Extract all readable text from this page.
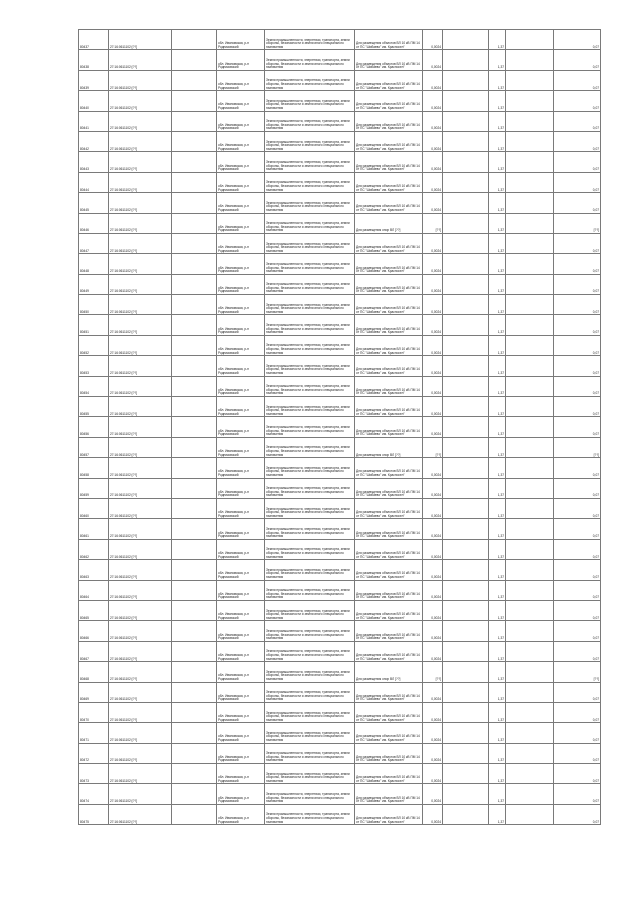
80437	27:16:0611102:[??]		обл. Ивановская, р-н Родниковский	Земли промышленности, энергетики, транспорта, земли обороны, безопасности и земли иного специального назначения	Для размещения объектов ВЛ 10 кВ ПМ 14 от ПС "Шибаево" им. Красносел"	0,0024		1,37		0,07
80438	27:16:0611102:[??]		обл. Ивановская, р-н Родниковский	Земли промышленности, энергетики, транспорта, земли обороны, безопасности и земли иного специального назначения	Для размещения объектов ВЛ 10 кВ ПМ 14 от ПС "Шибаево" им. Красносел"	0,0024		1,37		0,07
80439	27:16:0611102:[??]		обл. Ивановская, р-н Родниковский	Земли промышленности, энергетики, транспорта, земли обороны, безопасности и земли иного специального назначения	Для размещения объектов ВЛ 10 кВ ПМ 14 от ПС "Шибаево" им. Красносел"	0,0024		1,37		0,07
80440	27:16:0611102:[??]		обл. Ивановская, р-н Родниковский	Земли промышленности, энергетики, транспорта, земли обороны, безопасности и земли иного специального назначения	Для размещения объектов ВЛ 10 кВ ПМ 14 от ПС "Шибаево" им. Красносел"	0,0024		1,37		0,07
80441	27:16:0611102:[??]		обл. Ивановская, р-н Родниковский	Земли промышленности, энергетики, транспорта, земли обороны, безопасности и земли иного специального назначения	Для размещения объектов ВЛ 10 кВ ПМ 14 от ПС "Шибаево" им. Красносел"	0,0024		1,37		0,07
80442	27:16:0611102:[??]		обл. Ивановская, р-н Родниковский	Земли промышленности, энергетики, транспорта, земли обороны, безопасности и земли иного специального назначения	Для размещения объектов ВЛ 10 кВ ПМ 14 от ПС "Шибаево" им. Красносел"	0,0024		1,37		0,07
80443	27:16:0611102:[??]		обл. Ивановская, р-н Родниковский	Земли промышленности, энергетики, транспорта, земли обороны, безопасности и земли иного специального назначения	Для размещения объектов ВЛ 10 кВ ПМ 14 от ПС "Шибаево" им. Красносел"	0,0024		1,37		0,07
80444	27:16:0611102:[??]		обл. Ивановская, р-н Родниковский	Земли промышленности, энергетики, транспорта, земли обороны, безопасности и земли иного специального назначения	Для размещения объектов ВЛ 10 кВ ПМ 14 от ПС "Шибаево" им. Красносел"	0,0024		1,37		0,07
80445	27:16:0611102:[??]		обл. Ивановская, р-н Родниковский	Земли промышленности, энергетики, транспорта, земли обороны, безопасности и земли иного специального назначения	Для размещения объектов ВЛ 10 кВ ПМ 14 от ПС "Шибаево" им. Красносел"	0,0024		1,37		0,07
80446	27:16:0611102:[??]		обл. Ивановская, р-н Родниковский	Земли промышленности, энергетики, транспорта, земли обороны, безопасности и земли иного специального назначения	Для размещения опор ВЛ [??]	[??]		1,37		[??]
80447	27:16:0611102:[??]		обл. Ивановская, р-н Родниковский	Земли промышленности, энергетики, транспорта, земли обороны, безопасности и земли иного специального назначения	Для размещения объектов ВЛ 10 кВ ПМ 14 от ПС "Шибаево" им. Красносел"	0,0024		1,37		0,07
80448	27:16:0611102:[??]		обл. Ивановская, р-н Родниковский	Земли промышленности, энергетики, транспорта, земли обороны, безопасности и земли иного специального назначения	Для размещения объектов ВЛ 10 кВ ПМ 14 от ПС "Шибаево" им. Красносел"	0,0024		1,37		0,07
80449	27:16:0611102:[??]		обл. Ивановская, р-н Родниковский	Земли промышленности, энергетики, транспорта, земли обороны, безопасности и земли иного специального назначения	Для размещения объектов ВЛ 10 кВ ПМ 14 от ПС "Шибаево" им. Красносел"	0,0024		1,37		0,07
80450	27:16:0611102:[??]		обл. Ивановская, р-н Родниковский	Земли промышленности, энергетики, транспорта, земли обороны, безопасности и земли иного специального назначения	Для размещения объектов ВЛ 10 кВ ПМ 14 от ПС "Шибаево" им. Красносел"	0,0024		1,37		0,07
80451	27:16:0611102:[??]		обл. Ивановская, р-н Родниковский	Земли промышленности, энергетики, транспорта, земли обороны, безопасности и земли иного специального назначения	Для размещения объектов ВЛ 10 кВ ПМ 14 от ПС "Шибаево" им. Красносел"	0,0024		1,37		0,07
80452	27:16:0611102:[??]		обл. Ивановская, р-н Родниковский	Земли промышленности, энергетики, транспорта, земли обороны, безопасности и земли иного специального назначения	Для размещения объектов ВЛ 10 кВ ПМ 14 от ПС "Шибаево" им. Красносел"	0,0024		1,37		0,07
80453	27:16:0611102:[??]		обл. Ивановская, р-н Родниковский	Земли промышленности, энергетики, транспорта, земли обороны, безопасности и земли иного специального назначения	Для размещения объектов ВЛ 10 кВ ПМ 14 от ПС "Шибаево" им. Красносел"	0,0024		1,37		0,07
80454	27:16:0611102:[??]		обл. Ивановская, р-н Родниковский	Земли промышленности, энергетики, транспорта, земли обороны, безопасности и земли иного специального назначения	Для размещения объектов ВЛ 10 кВ ПМ 14 от ПС "Шибаево" им. Красносел"	0,0024		1,37		0,07
80455	27:16:0611102:[??]		обл. Ивановская, р-н Родниковский	Земли промышленности, энергетики, транспорта, земли обороны, безопасности и земли иного специального назначения	Для размещения объектов ВЛ 10 кВ ПМ 14 от ПС "Шибаево" им. Красносел"	0,0024		1,37		0,07
80456	27:16:0611102:[??]		обл. Ивановская, р-н Родниковский	Земли промышленности, энергетики, транспорта, земли обороны, безопасности и земли иного специального назначения	Для размещения объектов ВЛ 10 кВ ПМ 14 от ПС "Шибаево" им. Красносел"	0,0024		1,37		0,07
80457	27:16:0611102:[??]		обл. Ивановская, р-н Родниковский	Земли промышленности, энергетики, транспорта, земли обороны, безопасности и земли иного специального назначения	Для размещения опор ВЛ [??]	[??]		1,37		[??]
80458	27:16:0611102:[??]		обл. Ивановская, р-н Родниковский	Земли промышленности, энергетики, транспорта, земли обороны, безопасности и земли иного специального назначения	Для размещения объектов ВЛ 10 кВ ПМ 14 от ПС "Шибаево" им. Красносел"	0,0024		1,37		0,07
80459	27:16:0611102:[??]		обл. Ивановская, р-н Родниковский	Земли промышленности, энергетики, транспорта, земли обороны, безопасности и земли иного специального назначения	Для размещения объектов ВЛ 10 кВ ПМ 14 от ПС "Шибаево" им. Красносел"	0,0024		1,37		0,07
80460	27:16:0611102:[??]		обл. Ивановская, р-н Родниковский	Земли промышленности, энергетики, транспорта, земли обороны, безопасности и земли иного специального назначения	Для размещения объектов ВЛ 10 кВ ПМ 14 от ПС "Шибаево" им. Красносел"	0,0024		1,37		0,07
80461	27:16:0611102:[??]		обл. Ивановская, р-н Родниковский	Земли промышленности, энергетики, транспорта, земли обороны, безопасности и земли иного специального назначения	Для размещения объектов ВЛ 10 кВ ПМ 14 от ПС "Шибаево" им. Красносел"	0,0024		1,37		0,07
80462	27:16:0611102:[??]		обл. Ивановская, р-н Родниковский	Земли промышленности, энергетики, транспорта, земли обороны, безопасности и земли иного специального назначения	Для размещения объектов ВЛ 10 кВ ПМ 14 от ПС "Шибаево" им. Красносел"	0,0024		1,37		0,07
80463	27:16:0611102:[??]		обл. Ивановская, р-н Родниковский	Земли промышленности, энергетики, транспорта, земли обороны, безопасности и земли иного специального назначения	Для размещения объектов ВЛ 10 кВ ПМ 14 от ПС "Шибаево" им. Красносел"	0,0024		1,37		0,07
80464	27:16:0611102:[??]		обл. Ивановская, р-н Родниковский	Земли промышленности, энергетики, транспорта, земли обороны, безопасности и земли иного специального назначения	Для размещения объектов ВЛ 10 кВ ПМ 14 от ПС "Шибаево" им. Красносел"	0,0024		1,37		0,07
80465	27:16:0611102:[??]		обл. Ивановская, р-н Родниковский	Земли промышленности, энергетики, транспорта, земли обороны, безопасности и земли иного специального назначения	Для размещения объектов ВЛ 10 кВ ПМ 14 от ПС "Шибаево" им. Красносел"	0,0024		1,37		0,07
80466	27:16:0611102:[??]		обл. Ивановская, р-н Родниковский	Земли промышленности, энергетики, транспорта, земли обороны, безопасности и земли иного специального назначения	Для размещения объектов ВЛ 10 кВ ПМ 14 от ПС "Шибаево" им. Красносел"	0,0024		1,37		0,07
80467	27:16:0611102:[??]		обл. Ивановская, р-н Родниковский	Земли промышленности, энергетики, транспорта, земли обороны, безопасности и земли иного специального назначения	Для размещения объектов ВЛ 10 кВ ПМ 14 от ПС "Шибаево" им. Красносел"	0,0024		1,37		0,07
80468	27:16:0611102:[??]		обл. Ивановская, р-н Родниковский	Земли промышленности, энергетики, транспорта, земли обороны, безопасности и земли иного специального назначения	Для размещения опор ВЛ [??]	[??]		1,37		[??]
80469	27:16:0611102:[??]		обл. Ивановская, р-н Родниковский	Земли промышленности, энергетики, транспорта, земли обороны, безопасности и земли иного специального назначения	Для размещения объектов ВЛ 10 кВ ПМ 14 от ПС "Шибаево" им. Красносел"	0,0024		1,37		0,07
80470	27:16:0611102:[??]		обл. Ивановская, р-н Родниковский	Земли промышленности, энергетики, транспорта, земли обороны, безопасности и земли иного специального назначения	Для размещения объектов ВЛ 10 кВ ПМ 14 от ПС "Шибаево" им. Красносел"	0,0024		1,37		0,07
80471	27:16:0611102:[??]		обл. Ивановская, р-н Родниковский	Земли промышленности, энергетики, транспорта, земли обороны, безопасности и земли иного специального назначения	Для размещения объектов ВЛ 10 кВ ПМ 14 от ПС "Шибаево" им. Красносел"	0,0024		1,37		0,07
80472	27:16:0611102:[??]		обл. Ивановская, р-н Родниковский	Земли промышленности, энергетики, транспорта, земли обороны, безопасности и земли иного специального назначения	Для размещения объектов ВЛ 10 кВ ПМ 14 от ПС "Шибаево" им. Красносел"	0,0024		1,37		0,07
80473	27:16:0611102:[??]		обл. Ивановская, р-н Родниковский	Земли промышленности, энергетики, транспорта, земли обороны, безопасности и земли иного специального назначения	Для размещения объектов ВЛ 10 кВ ПМ 14 от ПС "Шибаево" им. Красносел"	0,0024		1,37		0,07
80474	27:16:0611102:[??]		обл. Ивановская, р-н Родниковский	Земли промышленности, энергетики, транспорта, земли обороны, безопасности и земли иного специального назначения	Для размещения объектов ВЛ 10 кВ ПМ 14 от ПС "Шибаево" им. Красносел"	0,0024		1,37		0,07
80475	27:16:0611102:[??]		обл. Ивановская, р-н Родниковский	Земли промышленности, энергетики, транспорта, земли обороны, безопасности и земли иного специального назначения	Для размещения объектов ВЛ 10 кВ ПМ 14 от ПС "Шибаево" им. Красносел"	0,0024		1,37		0,07
